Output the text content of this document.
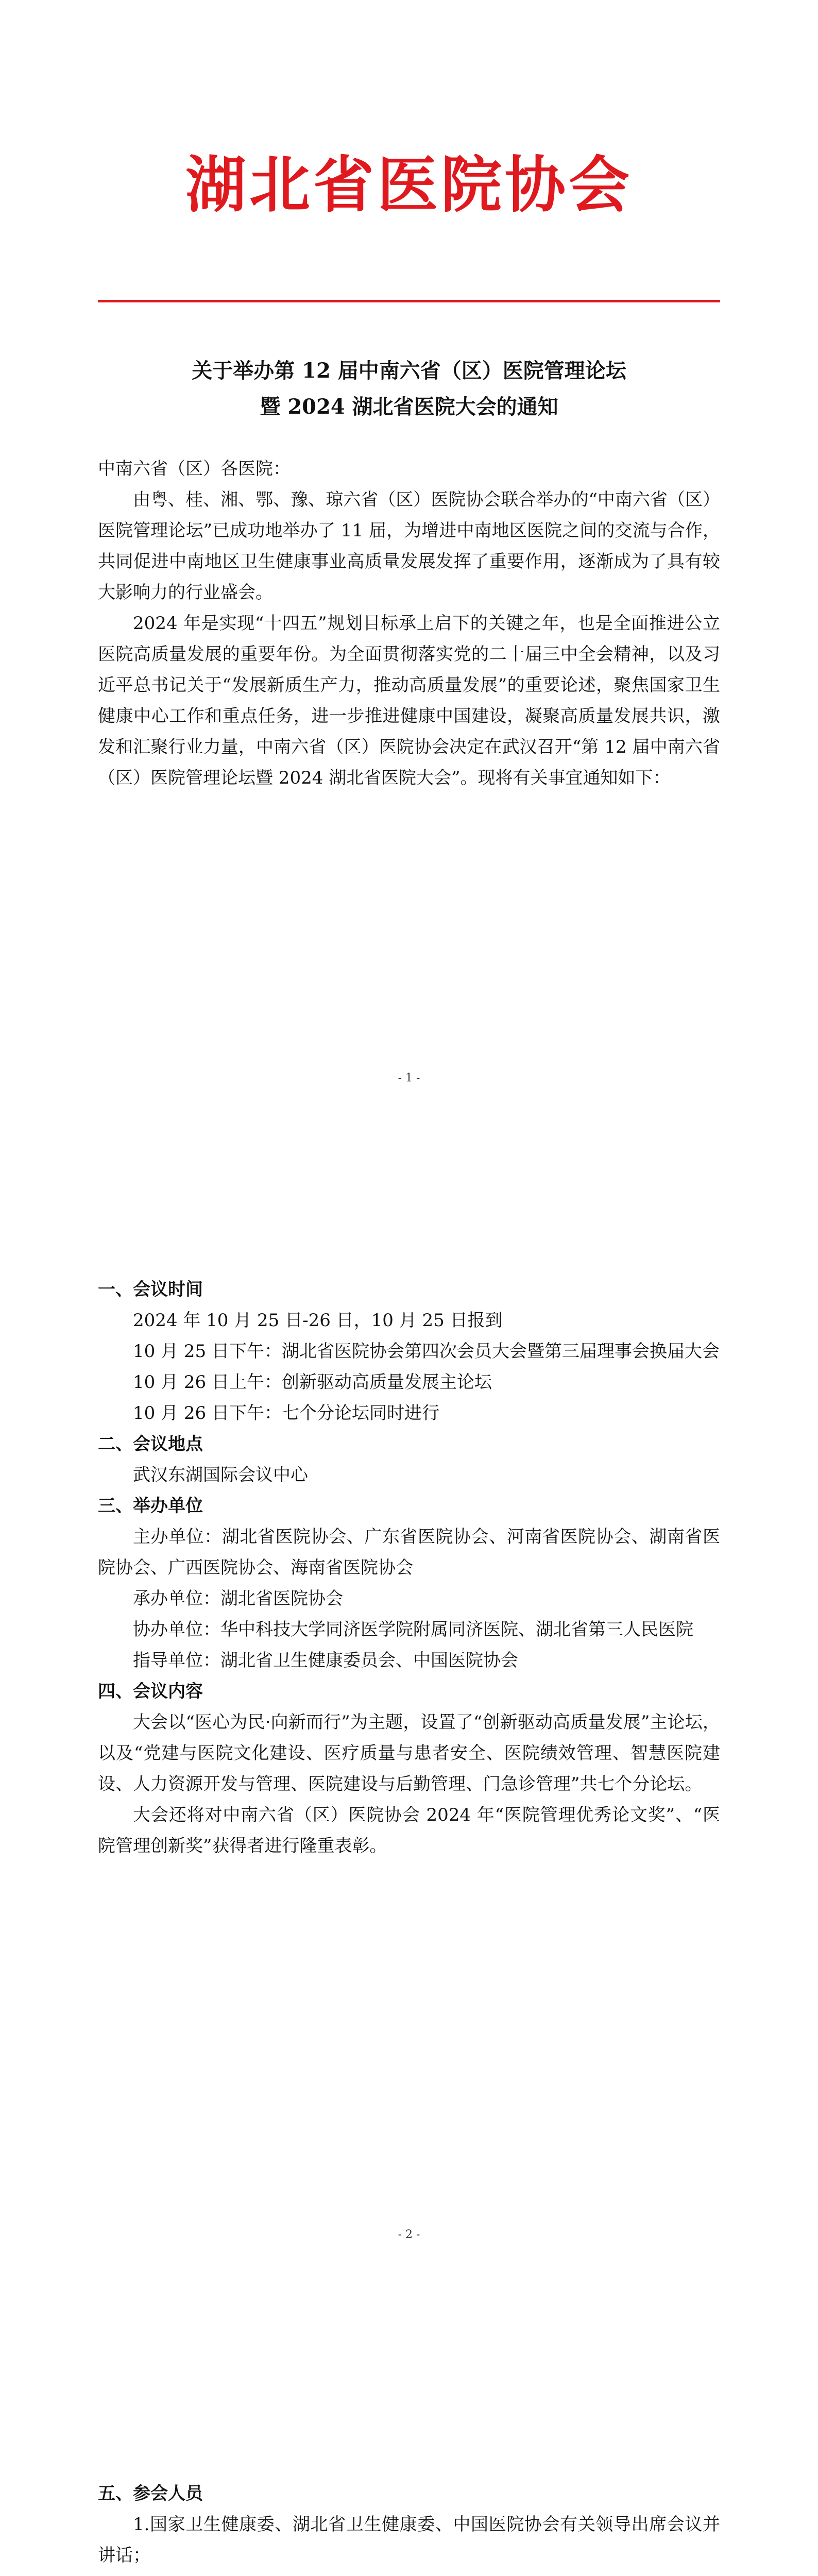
湖北省医院协会
关于举办第 12 届中南六省（区）医院管理论坛
暨 2024 湖北省医院大会的通知

中南六省（区）各医院：

由粤、桂、湘、鄂、豫、琼六省（区）医院协会联合举办的“中南六省（区）医院管理论坛”已成功地举办了 11 届，为增进中南地区医院之间的交流与合作，共同促进中南地区卫生健康事业高质量发展发挥了重要作用，逐渐成为了具有较大影响力的行业盛会。

2024 年是实现“十四五”规划目标承上启下的关键之年，也是全面推进公立医院高质量发展的重要年份。为全面贯彻落实党的二十届三中全会精神，以及习近平总书记关于“发展新质生产力，推动高质量发展”的重要论述，聚焦国家卫生健康中心工作和重点任务，进一步推进健康中国建设，凝聚高质量发展共识，激发和汇聚行业力量，中南六省（区）医院协会决定在武汉召开“第 12 届中南六省（区）医院管理论坛暨 2024 湖北省医院大会”。现将有关事宜通知如下：

- 1 -

一、会议时间

2024 年 10 月 25 日-26 日，10 月 25 日报到

10 月 25 日下午：湖北省医院协会第四次会员大会暨第三届理事会换届大会

10 月 26 日上午：创新驱动高质量发展主论坛

10 月 26 日下午：七个分论坛同时进行

二、会议地点

武汉东湖国际会议中心

三、举办单位

主办单位：湖北省医院协会、广东省医院协会、河南省医院协会、湖南省医院协会、广西医院协会、海南省医院协会

承办单位：湖北省医院协会

协办单位：华中科技大学同济医学院附属同济医院、湖北省第三人民医院

指导单位：湖北省卫生健康委员会、中国医院协会

四、会议内容

大会以“医心为民·向新而行”为主题，设置了“创新驱动高质量发展”主论坛，以及“党建与医院文化建设、医疗质量与患者安全、医院绩效管理、智慧医院建设、人力资源开发与管理、医院建设与后勤管理、门急诊管理”共七个分论坛。

大会还将对中南六省（区）医院协会 2024 年“医院管理优秀论文奖”、“医院管理创新奖”获得者进行隆重表彰。

- 2 -

五、参会人员

1.国家卫生健康委、湖北省卫生健康委、中国医院协会有关领导出席会议并讲话；
